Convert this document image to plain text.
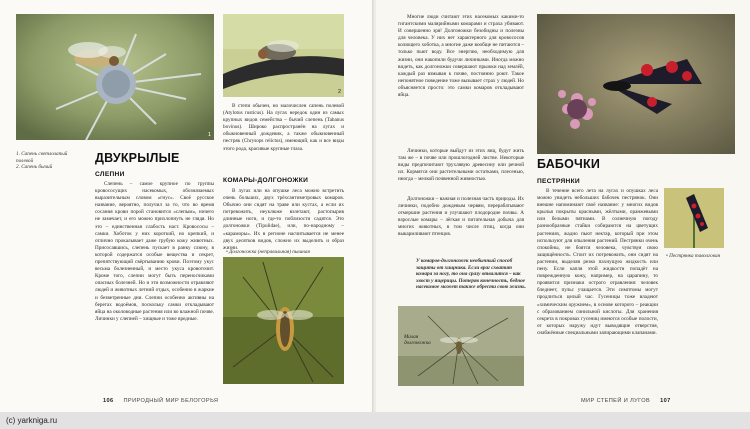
1
2
1. Сапень светлолапый
полевой
2. Сапень бычий
ДВУКРЫЛЫЕ
СЛЕПНИ

Слепень – самое крупное по группы кровососущих насекомых, обозначаемых выразительным словом «гнус». Своё русское название, вероятно, получил за то, что во время сосания крови порой становится «слепым», ничего не замечает, и его можно прихлопнуть не глядя. Но это – единственная слабость наст. Кровососы – самки. Хоботок у них короткий, но крепкий, и отлично прокалывает даже грубую кожу животных. Присосавшись, слепень пускает в ранку слюну, в которой содержатся особые вещества и секрет, препятствующий свёртыванию крови. Поэтому укус весьма болезненный, и место укуса кровоточит. Кроме того, слепни могут быть переносчиками опасных болезней. Но и эти возможности отравляют людей и животных летний отдых, особенно в жаркие и безветренные дни. Слепни особенно активны на берегах водоёмов, поскольку самки откладывают яйца на околоводные растения или во влажной почве. Личинки у слепней – хищные и тоже вредные.

В степи обычен, но малочислен сапень полевой (Atylotus rusticus). На лугах нередок один из самых крупных видов семейства – бычий слепень (Tabanus bovinus). Широко распространён на лугах и обыкновенный дождевик, а также обыкновенный пестряк (Chrysops relictus), имеющий, как и все виды этого рода, красивые крупные глаза.

КОМАРЫ-ДОЛГОНОЖКИ

В лугах или на опушке леса можно встретить очень больших, двух трёхсантиметровых комаров. Обычно они сидят на траве или кустах, а если их потревожить, неуклюже взлетают, растопырив длинные ноги, и где-то поблизости садятся. Это долгоножки (Tipulidae), или, по-народному – «карамоpы». Их в регионе насчитывается не менее двух десятков видов, сложно их выделить и образ жизни.

• Долгоножка (неправильная) пышная
106 ПРИРОДНЫЙ МИР БЕЛОГОРЬЯ

Многие люди считают этих насекомых какими-то гигантскими малярийными комарами и страха убивают. И совершенно зря! Долгоножки безобидны и полезны для человека. У них нет характерного для кровососов колющего хоботка, а многие даже вообще не питаются – только пьют воду. Все энергию, необходимую для жизни, они накопили будучи личинками. Иногда можно видеть, как долгоножки совершают прыжки над землёй, каждый раз взмывая к почве, постоянно роют. Такое непонятное поведение тоже вызывает страх у людей. Но объясняется просто: это самки комаров откладывают яйца.

Личинки, которые выйдут из этих яиц, будут жить там же – в почве или прошлогодней листве. Некоторые виды предпочитают трухлявую древесину или речной ил. Кормятся они растительными остатками, плесенью, иногда – мелкой почвенной живностью.

Долгоножки – важная и полезная часть природы. Их личинки, подобно дождевым червям, перерабатывают отмершие растения и улучшают плодородие почвы. А взрослые комары – лёгкая и питательная добыча для многих животных, в том числе птиц, когда они выкармливают птенцов.

У комаров-долгоножек необычный способ защиты от хищника. Если враг схватит комара за ногу, то она сразу отвалится – как хвост у ящерицы. Потеряв конечность, бедное насекомое может также обрести свою жизнь.
Малая
долгоножка
БАБОЧКИ
ПЕСТРЯНКИ

В течение всего лета на лугах и опушках леса можно увидеть небольших бабочек пестрянок. Они внешне напоминают своё название: у многих видов крылья покрыты красными, жёлтыми, оранжевыми или белыми пятнами. В солнечную погоду разнообразные стайки собираются на цветущих растениях, жадно пьют нектар, который при этом используют для опыления растений. Пестрянки очень спокойны, не боятся человека, чувствуя свою защищённость. Стоит их потревожить, они сидят на растении, выделяя резко пахнущую жидкость или пену. Если капля этой жидкости попадёт на поврежденную кожу, например, на царапину, то проявится признаки острого отравления: человек бледнеет, пульс учащается. Эти симптомы могут продлиться целый час. Гусеницы тоже владеют «химическим оружием», в основе которого – реакции с образованием синильной кислоты. Для хранения секрета в покровах гусениц имеются особые полости, от которых наружу идут выводящие отверстия, снабжённые специальными запирающими клапанами.

• Пестрянка таволговая
МИР СТЕПЕЙ И ЛУГОВ 107
(c) yarkniga.ru
